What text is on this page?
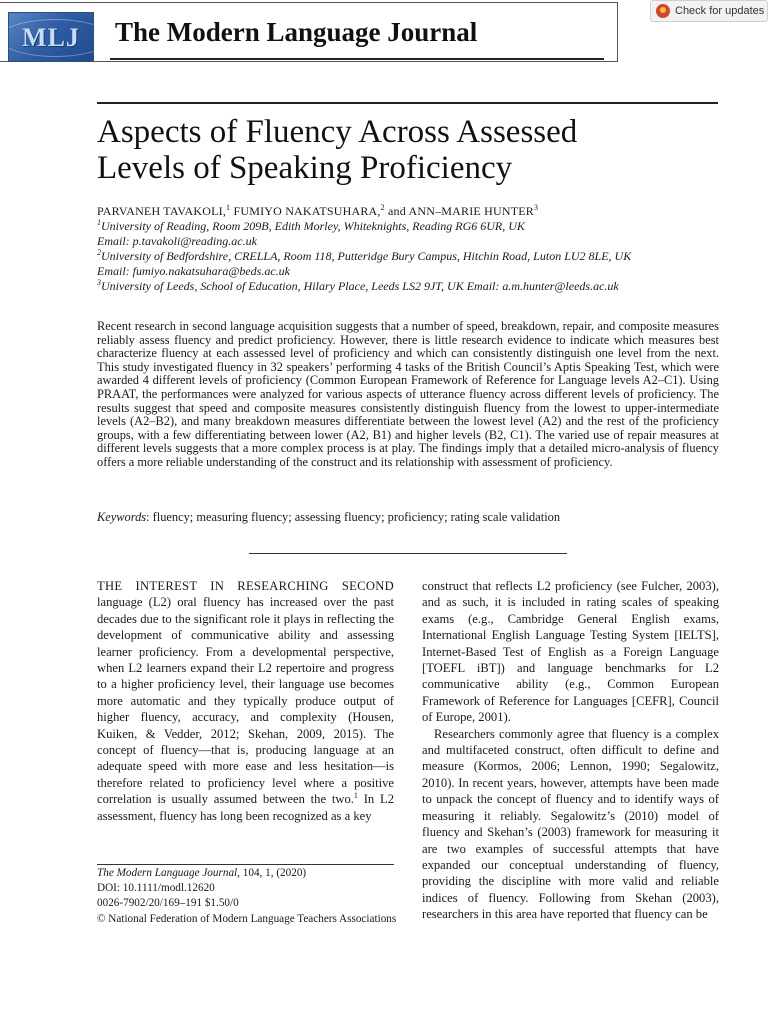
MLJ	The Modern Language Journal
Check for updates
Aspects of Fluency Across Assessed
Levels of Speaking Proficiency
PARVANEH TAVAKOLI,$^1$ FUMIYO NAKATSUHARA,$^2$ and ANN–MARIE HUNTER$^3$
$^1$University of Reading, Room 209B, Edith Morley, Whiteknights, Reading RG6 6UR, UK
Email: p.tavakoli@reading.ac.uk
$^2$University of Bedfordshire, CRELLA, Room 118, Putteridge Bury Campus, Hitchin Road, Luton LU2 8LE, UK
Email: fumiyo.nakatsuhara@beds.ac.uk
$^3$University of Leeds, School of Education, Hilary Place, Leeds LS2 9JT, UK Email: a.m.hunter@leeds.ac.uk

Recent research in second language acquisition suggests that a number of speed, breakdown, repair, and composite measures reliably assess fluency and predict proficiency. However, there is little research evidence to indicate which measures best characterize fluency at each assessed level of proficiency and which can consistently distinguish one level from the next. This study investigated fluency in 32 speakers’ performing 4 tasks of the British Council’s Aptis Speaking Test, which were awarded 4 different levels of proficiency (Common European Framework of Reference for Language levels A2–C1). Using PRAAT, the performances were analyzed for various aspects of utterance fluency across different levels of proficiency. The results suggest that speed and composite measures consistently distinguish fluency from the lowest to upper-intermediate levels (A2–B2), and many breakdown measures differentiate between the lowest level (A2) and the rest of the proficiency groups, with a few differentiating between lower (A2, B1) and higher levels (B2, C1). The varied use of repair measures at different levels suggests that a more complex process is at play. The findings imply that a detailed micro-analysis of fluency offers a more reliable understanding of the construct and its relationship with assessment of proficiency.

Keywords: fluency; measuring fluency; assessing fluency; proficiency; rating scale validation

THE INTEREST IN RESEARCHING SECOND language (L2) oral fluency has increased over the past decades due to the significant role it plays in reflecting the development of communicative ability and assessing learner proficiency. From a developmental perspective, when L2 learners expand their L2 repertoire and progress to a higher proficiency level, their language use becomes more automatic and they typically produce output of higher fluency, accuracy, and complexity (Housen, Kuiken, & Vedder, 2012; Skehan, 2009, 2015). The concept of fluency—that is, producing language at an adequate speed with more ease and less hesitation—is therefore related to proficiency level where a positive correlation is usually assumed between the two.$^1$ In L2 assessment, fluency has long been recognized as a key

construct that reflects L2 proficiency (see Fulcher, 2003), and as such, it is included in rating scales of speaking exams (e.g., Cambridge General English exams, International English Language Testing System [IELTS], Internet-Based Test of English as a Foreign Language [TOEFL iBT]) and language benchmarks for L2 communicative ability (e.g., Common European Framework of Reference for Languages [CEFR], Council of Europe, 2001).

Researchers commonly agree that fluency is a complex and multifaceted construct, often difficult to define and measure (Kormos, 2006; Lennon, 1990; Segalowitz, 2010). In recent years, however, attempts have been made to unpack the concept of fluency and to identify ways of measuring it reliably. Segalowitz’s (2010) model of fluency and Skehan’s (2003) framework for measuring it are two examples of successful attempts that have expanded our conceptual understanding of fluency, providing the discipline with more valid and reliable indices of fluency. Following from Skehan (2003), researchers in this area have reported that fluency can be

The Modern Language Journal, 104, 1, (2020)
DOI: 10.1111/modl.12620
0026-7902/20/169–191 $1.50/0
© National Federation of Modern Language Teachers Associations
